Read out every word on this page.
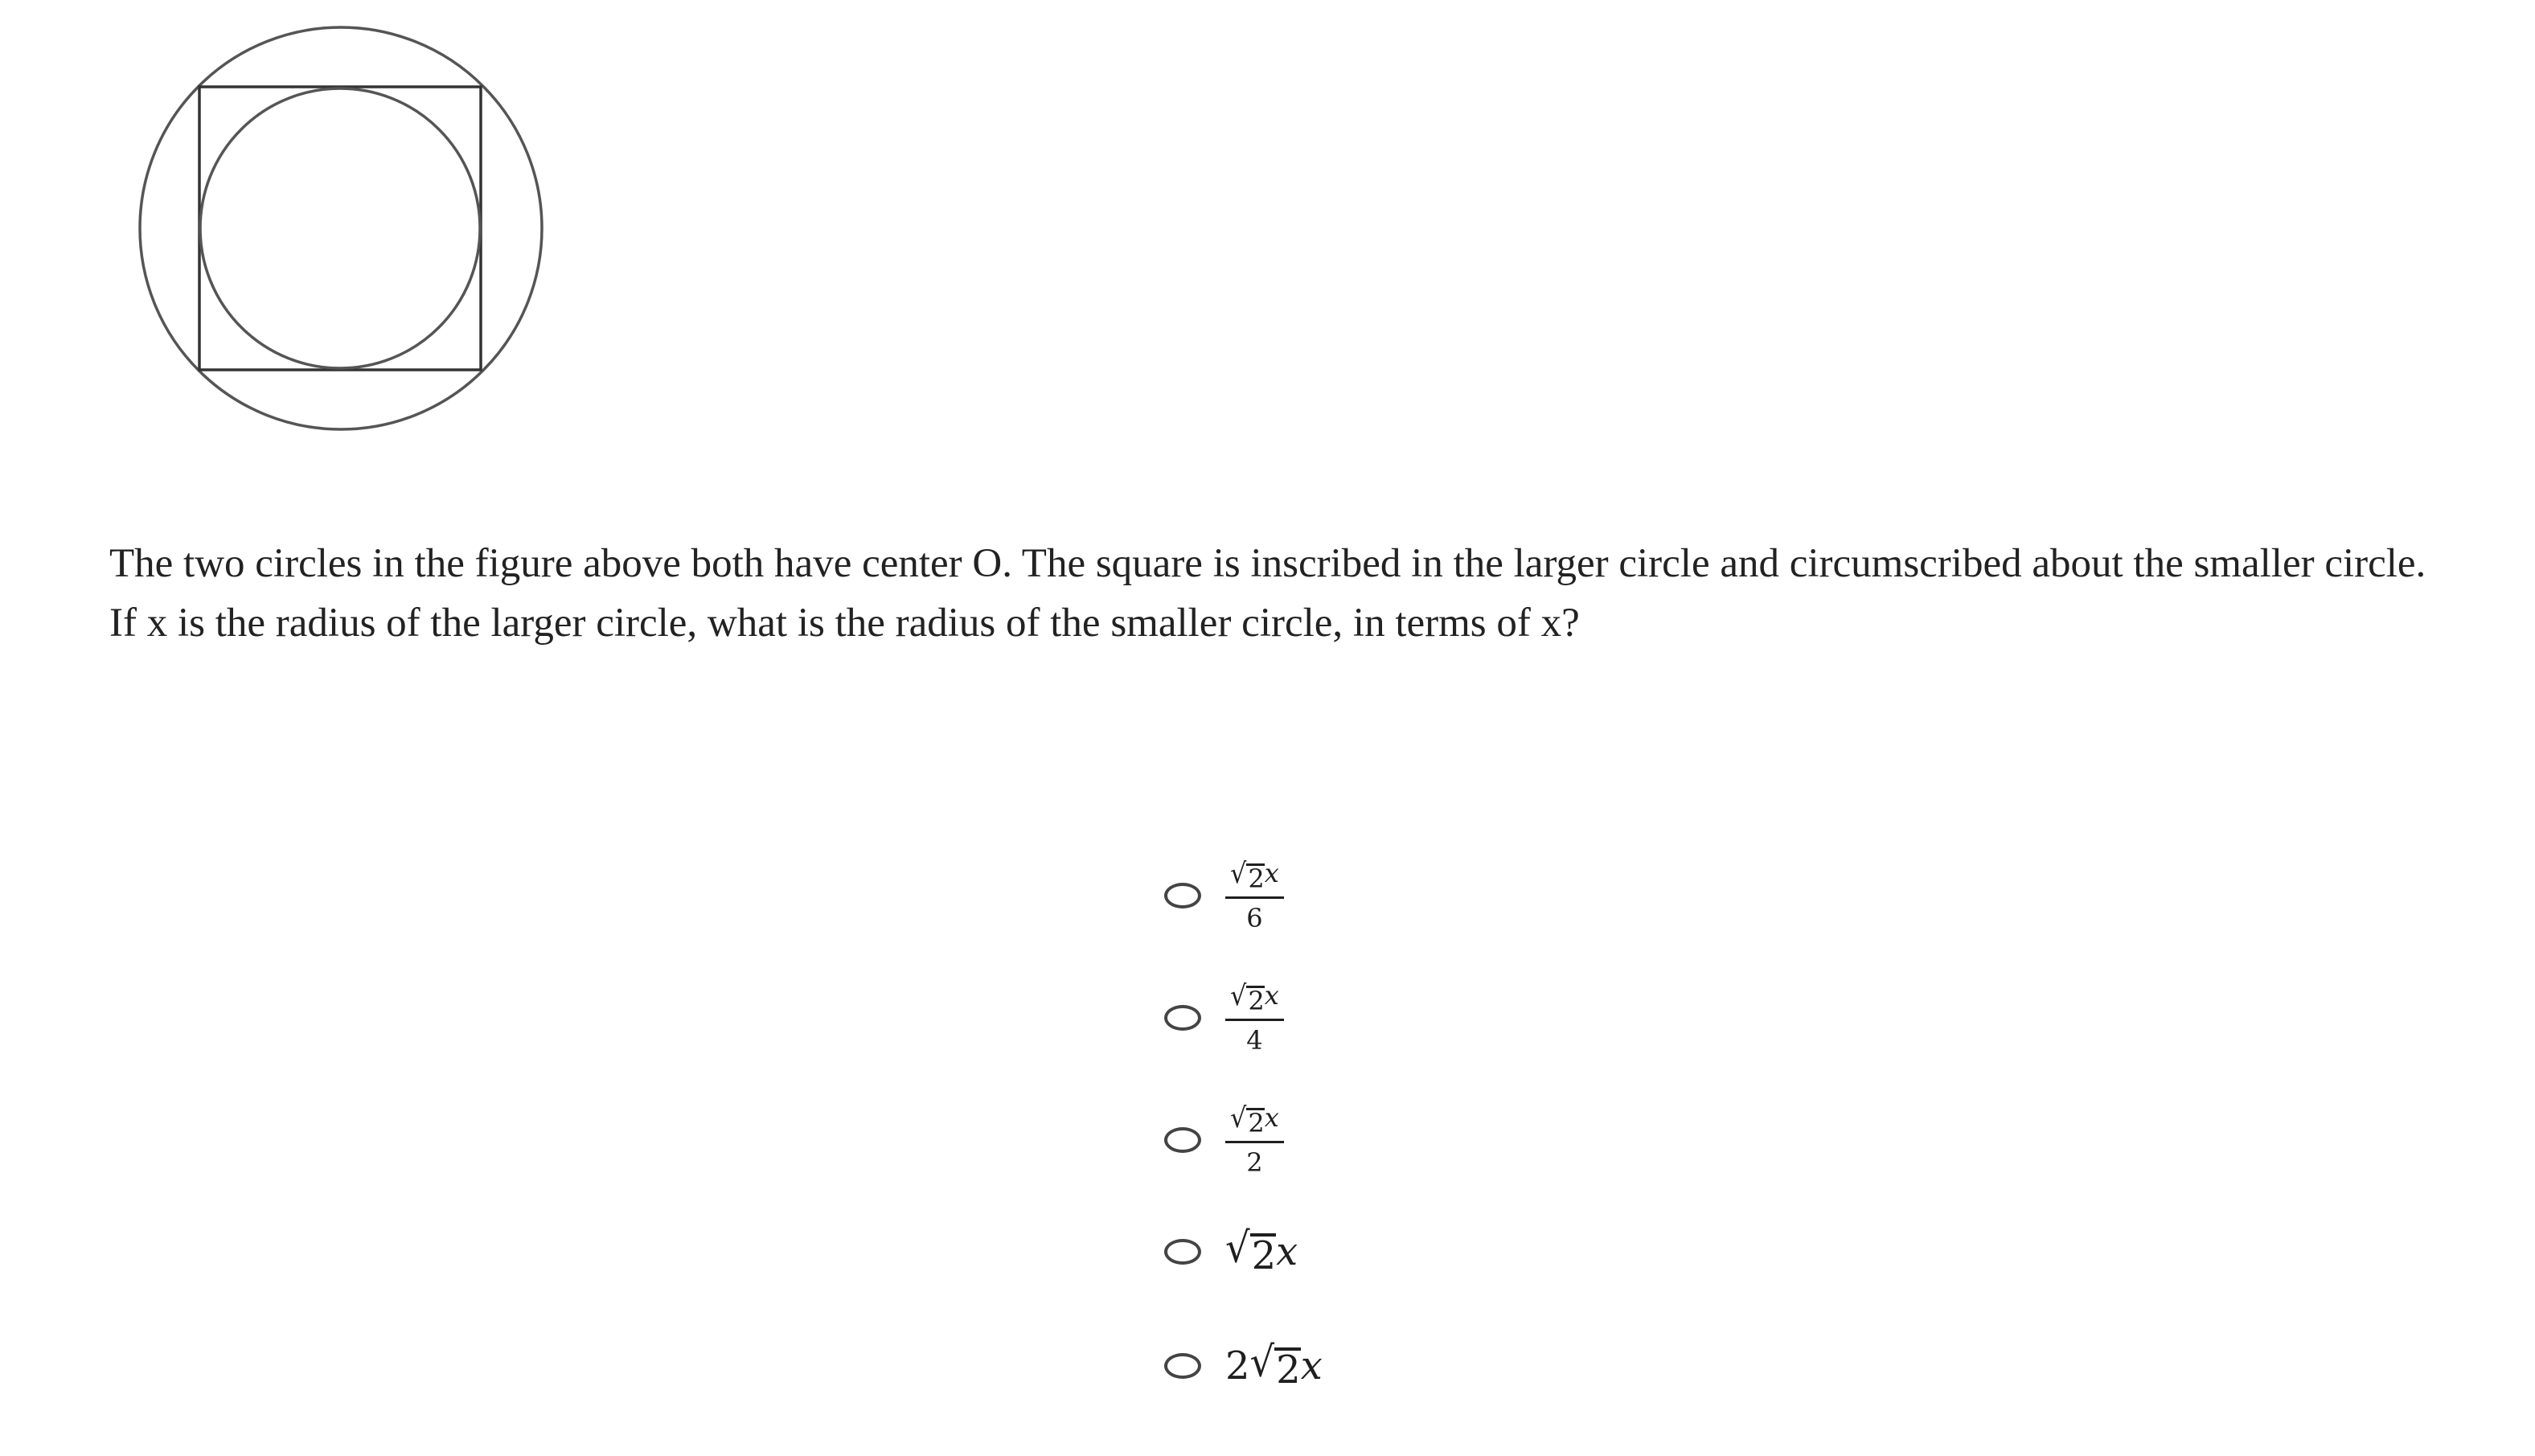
The two circles in the figure above both have center O. The square is inscribed in the larger circle and circumscribed about the smaller circle. If x is the radius of the larger circle, what is the radius of the smaller circle, in terms of x?
$\frac{√ 2 x}{6}$
$\frac{√ 2 x}{4}$
$\frac{√ 2 x}{2}$
√ 2 x
2 √ 2 x
